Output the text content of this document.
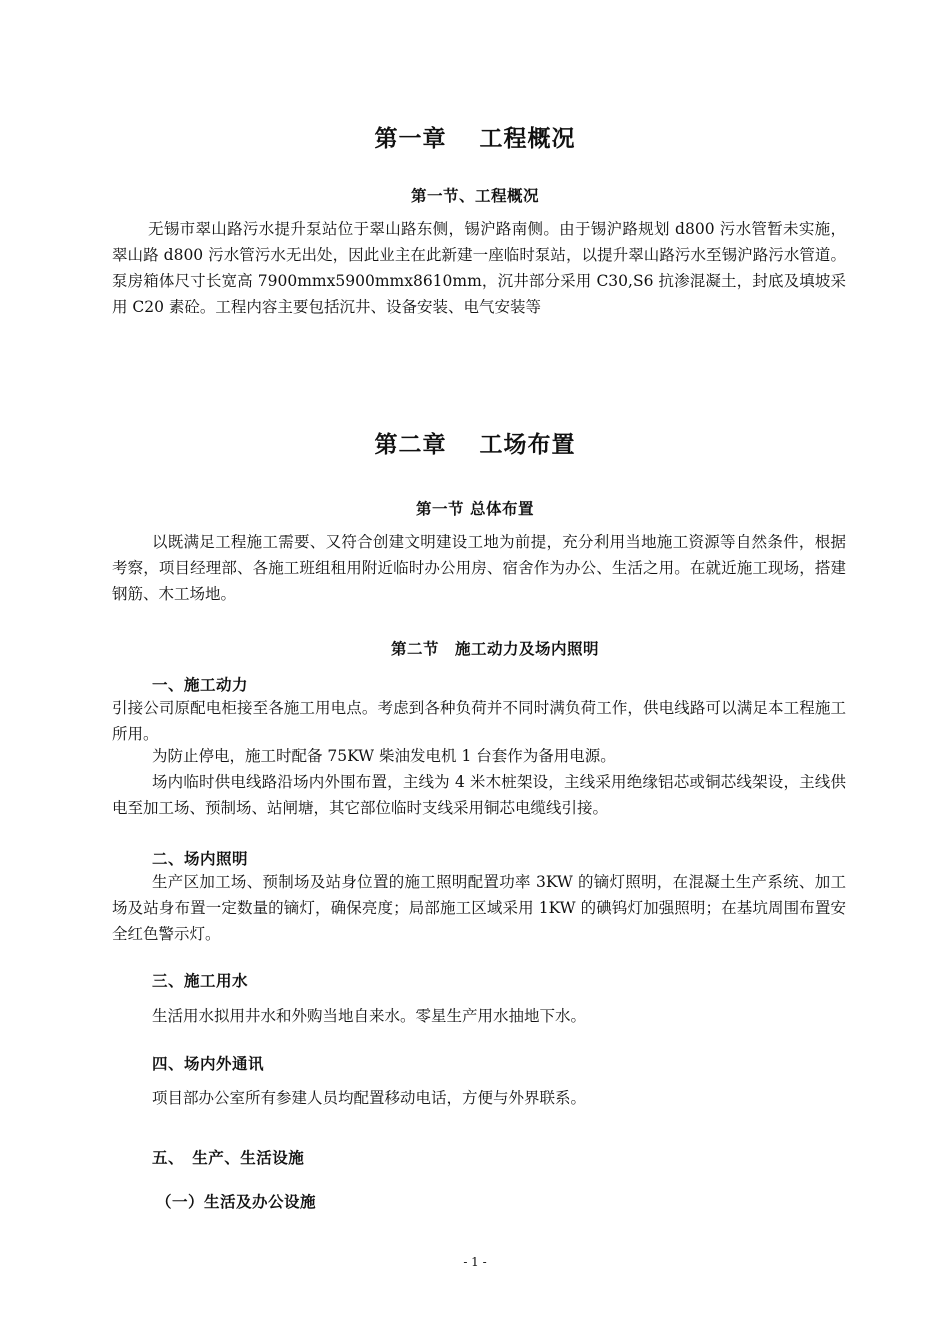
第一章　 工程概况
第一节、工程概况
无锡市翠山路污水提升泵站位于翠山路东侧，锡沪路南侧。由于锡沪路规划 d800 污水管暂未实施，翠山路 d800 污水管污水无出处，因此业主在此新建一座临时泵站，以提升翠山路污水至锡沪路污水管道。泵房箱体尺寸长宽高 7900mmx5900mmx8610mm，沉井部分采用 C30,S6 抗渗混凝土，封底及填坡采用 C20 素砼。工程内容主要包括沉井、设备安装、电气安装等
第二章　 工场布置
第一节 总体布置
以既满足工程施工需要、又符合创建文明建设工地为前提，充分利用当地施工资源等自然条件，根据考察，项目经理部、各施工班组租用附近临时办公用房、宿舍作为办公、生活之用。在就近施工现场，搭建钢筋、木工场地。
第二节　施工动力及场内照明
一、施工动力
引接公司原配电柜接至各施工用电点。考虑到各种负荷并不同时满负荷工作，供电线路可以满足本工程施工所用。
为防止停电，施工时配备 75KW 柴油发电机 1 台套作为备用电源。
场内临时供电线路沿场内外围布置，主线为 4 米木桩架设，主线采用绝缘铝芯或铜芯线架设，主线供电至加工场、预制场、站闸塘，其它部位临时支线采用铜芯电缆线引接。
二、场内照明
生产区加工场、预制场及站身位置的施工照明配置功率 3KW 的镝灯照明，在混凝土生产系统、加工场及站身布置一定数量的镝灯，确保亮度；局部施工区域采用 1KW 的碘钨灯加强照明；在基坑周围布置安全红色警示灯。
三、施工用水
生活用水拟用井水和外购当地自来水。零星生产用水抽地下水。
四、场内外通讯
项目部办公室所有参建人员均配置移动电话，方便与外界联系。
五、　生产、生活设施
（一）生活及办公设施
- 1 -
